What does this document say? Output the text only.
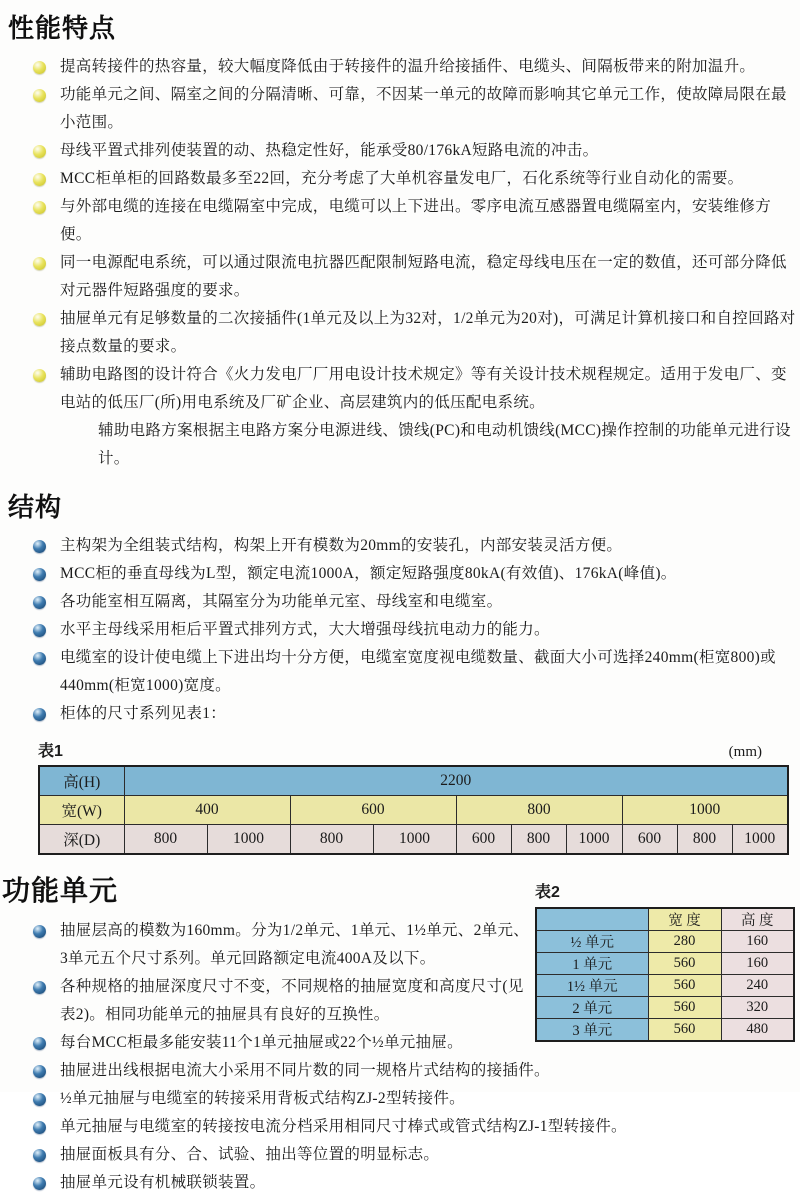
性能特点
提高转接件的热容量，较大幅度降低由于转接件的温升给接插件、电缆头、间隔板带来的附加温升。
功能单元之间、隔室之间的分隔清晰、可靠，不因某一单元的故障而影响其它单元工作，使故障局限在最小范围。
母线平置式排列使装置的动、热稳定性好，能承受80/176kA短路电流的冲击。
MCC柜单柜的回路数最多至22回，充分考虑了大单机容量发电厂，石化系统等行业自动化的需要。
与外部电缆的连接在电缆隔室中完成，电缆可以上下进出。零序电流互感器置电缆隔室内，安装维修方便。
同一电源配电系统，可以通过限流电抗器匹配限制短路电流，稳定母线电压在一定的数值，还可部分降低对元器件短路强度的要求。
抽屉单元有足够数量的二次接插件(1单元及以上为32对，1/2单元为20对)，可满足计算机接口和自控回路对接点数量的要求。
辅助电路图的设计符合《火力发电厂厂用电设计技术规定》等有关设计技术规程规定。适用于发电厂、变电站的低压厂(所)用电系统及厂矿企业、高层建筑内的低压配电系统。
辅助电路方案根据主电路方案分电源进线、馈线(PC)和电动机馈线(MCC)操作控制的功能单元进行设计。
结构
主构架为全组装式结构，构架上开有模数为20mm的安装孔，内部安装灵活方便。
MCC柜的垂直母线为L型，额定电流1000A，额定短路强度80kA(有效值)、176kA(峰值)。
各功能室相互隔离，其隔室分为功能单元室、母线室和电缆室。
水平主母线采用柜后平置式排列方式，大大增强母线抗电动力的能力。
电缆室的设计使电缆上下进出均十分方便，电缆室宽度视电缆数量、截面大小可选择240mm(柜宽800)或440mm(柜宽1000)宽度。
柜体的尺寸系列见表1：
表1	(mm)
高(H)	2200									
宽(W)	400		600		800			1000		
深(D)	800	1000	800	1000	600	800	1000	600	800	1000
功能单元	表2
	宽 度	高 度
½ 单元	280	160
1 单元	560	160
1½ 单元	560	240
2 单元	560	320
3 单元	560	480
抽屉层高的模数为160mm。分为1/2单元、1单元、1½单元、2单元、3单元五个尺寸系列。单元回路额定电流400A及以下。
各种规格的抽屉深度尺寸不变，不同规格的抽屉宽度和高度尺寸(见表2)。相同功能单元的抽屉具有良好的互换性。
每台MCC柜最多能安装11个1单元抽屉或22个½单元抽屉。
抽屉进出线根据电流大小采用不同片数的同一规格片式结构的接插件。
½单元抽屉与电缆室的转接采用背板式结构ZJ-2型转接件。
单元抽屉与电缆室的转接按电流分档采用相同尺寸棒式或管式结构ZJ-1型转接件。
抽屉面板具有分、合、试验、抽出等位置的明显标志。
抽屉单元设有机械联锁装置。
